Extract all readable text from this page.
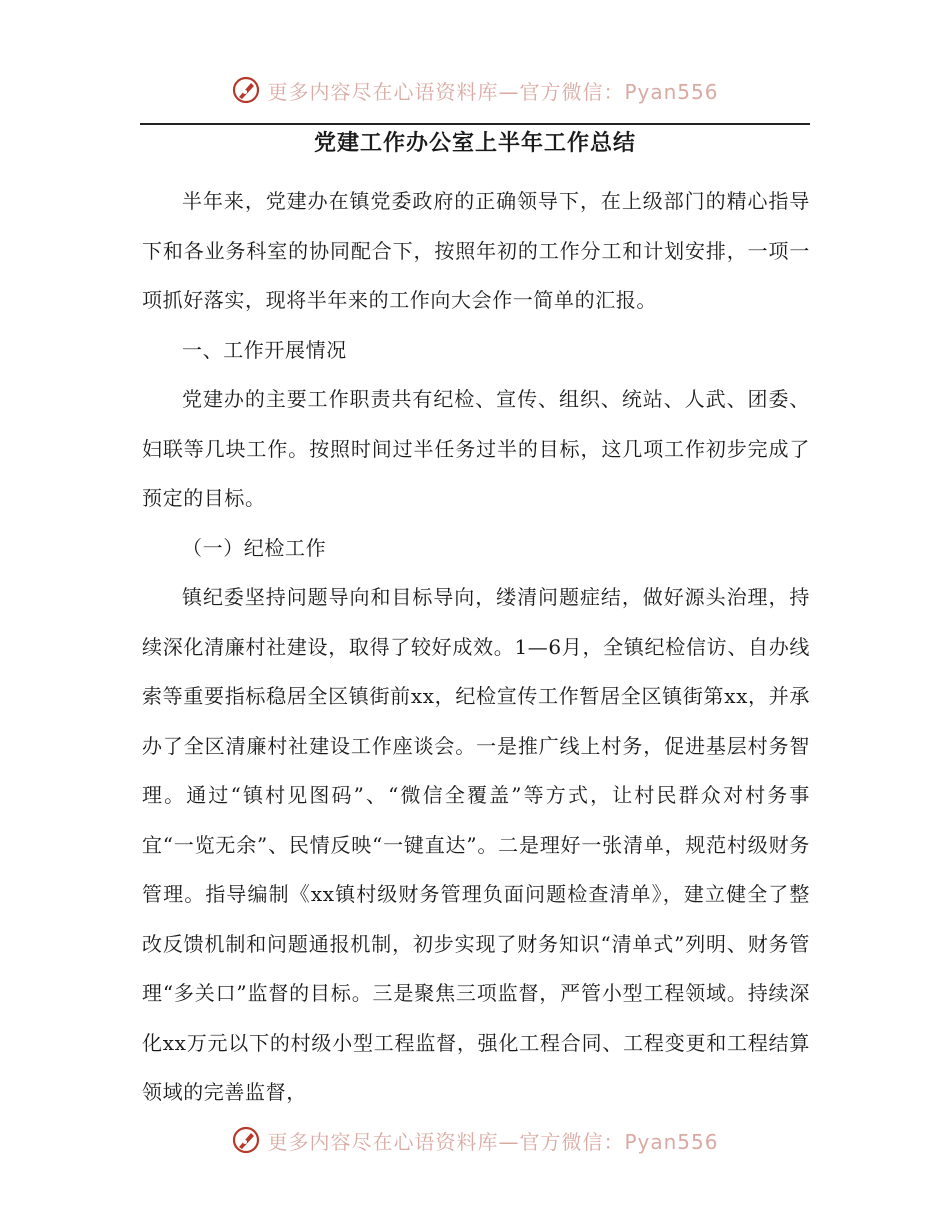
更多内容尽在心语资料库—官方微信：Pyan556
党建工作办公室上半年工作总结

半年来，党建办在镇党委政府的正确领导下，在上级部门的精心指导下和各业务科室的协同配合下，按照年初的工作分工和计划安排，一项一项抓好落实，现将半年来的工作向大会作一简单的汇报。

一、工作开展情况

党建办的主要工作职责共有纪检、宣传、组织、统站、人武、团委、妇联等几块工作。按照时间过半任务过半的目标，这几项工作初步完成了预定的目标。

（一）纪检工作

镇纪委坚持问题导向和目标导向，缕清问题症结，做好源头治理，持续深化清廉村社建设，取得了较好成效。1—6月，全镇纪检信访、自办线索等重要指标稳居全区镇街前xx，纪检宣传工作暂居全区镇街第xx，并承办了全区清廉村社建设工作座谈会。一是推广线上村务，促进基层村务智理。通过“镇村见图码”、“微信全覆盖”等方式，让村民群众对村务事宜“一览无余”、民情反映“一键直达”。二是理好一张清单，规范村级财务管理。指导编制《xx镇村级财务管理负面问题检查清单》，建立健全了整改反馈机制和问题通报机制，初步实现了财务知识“清单式”列明、财务管理“多关口”监督的目标。三是聚焦三项监督，严管小型工程领域。持续深化xx万元以下的村级小型工程监督，强化工程合同、工程变更和工程结算领域的完善监督，

更多内容尽在心语资料库—官方微信：Pyan556
